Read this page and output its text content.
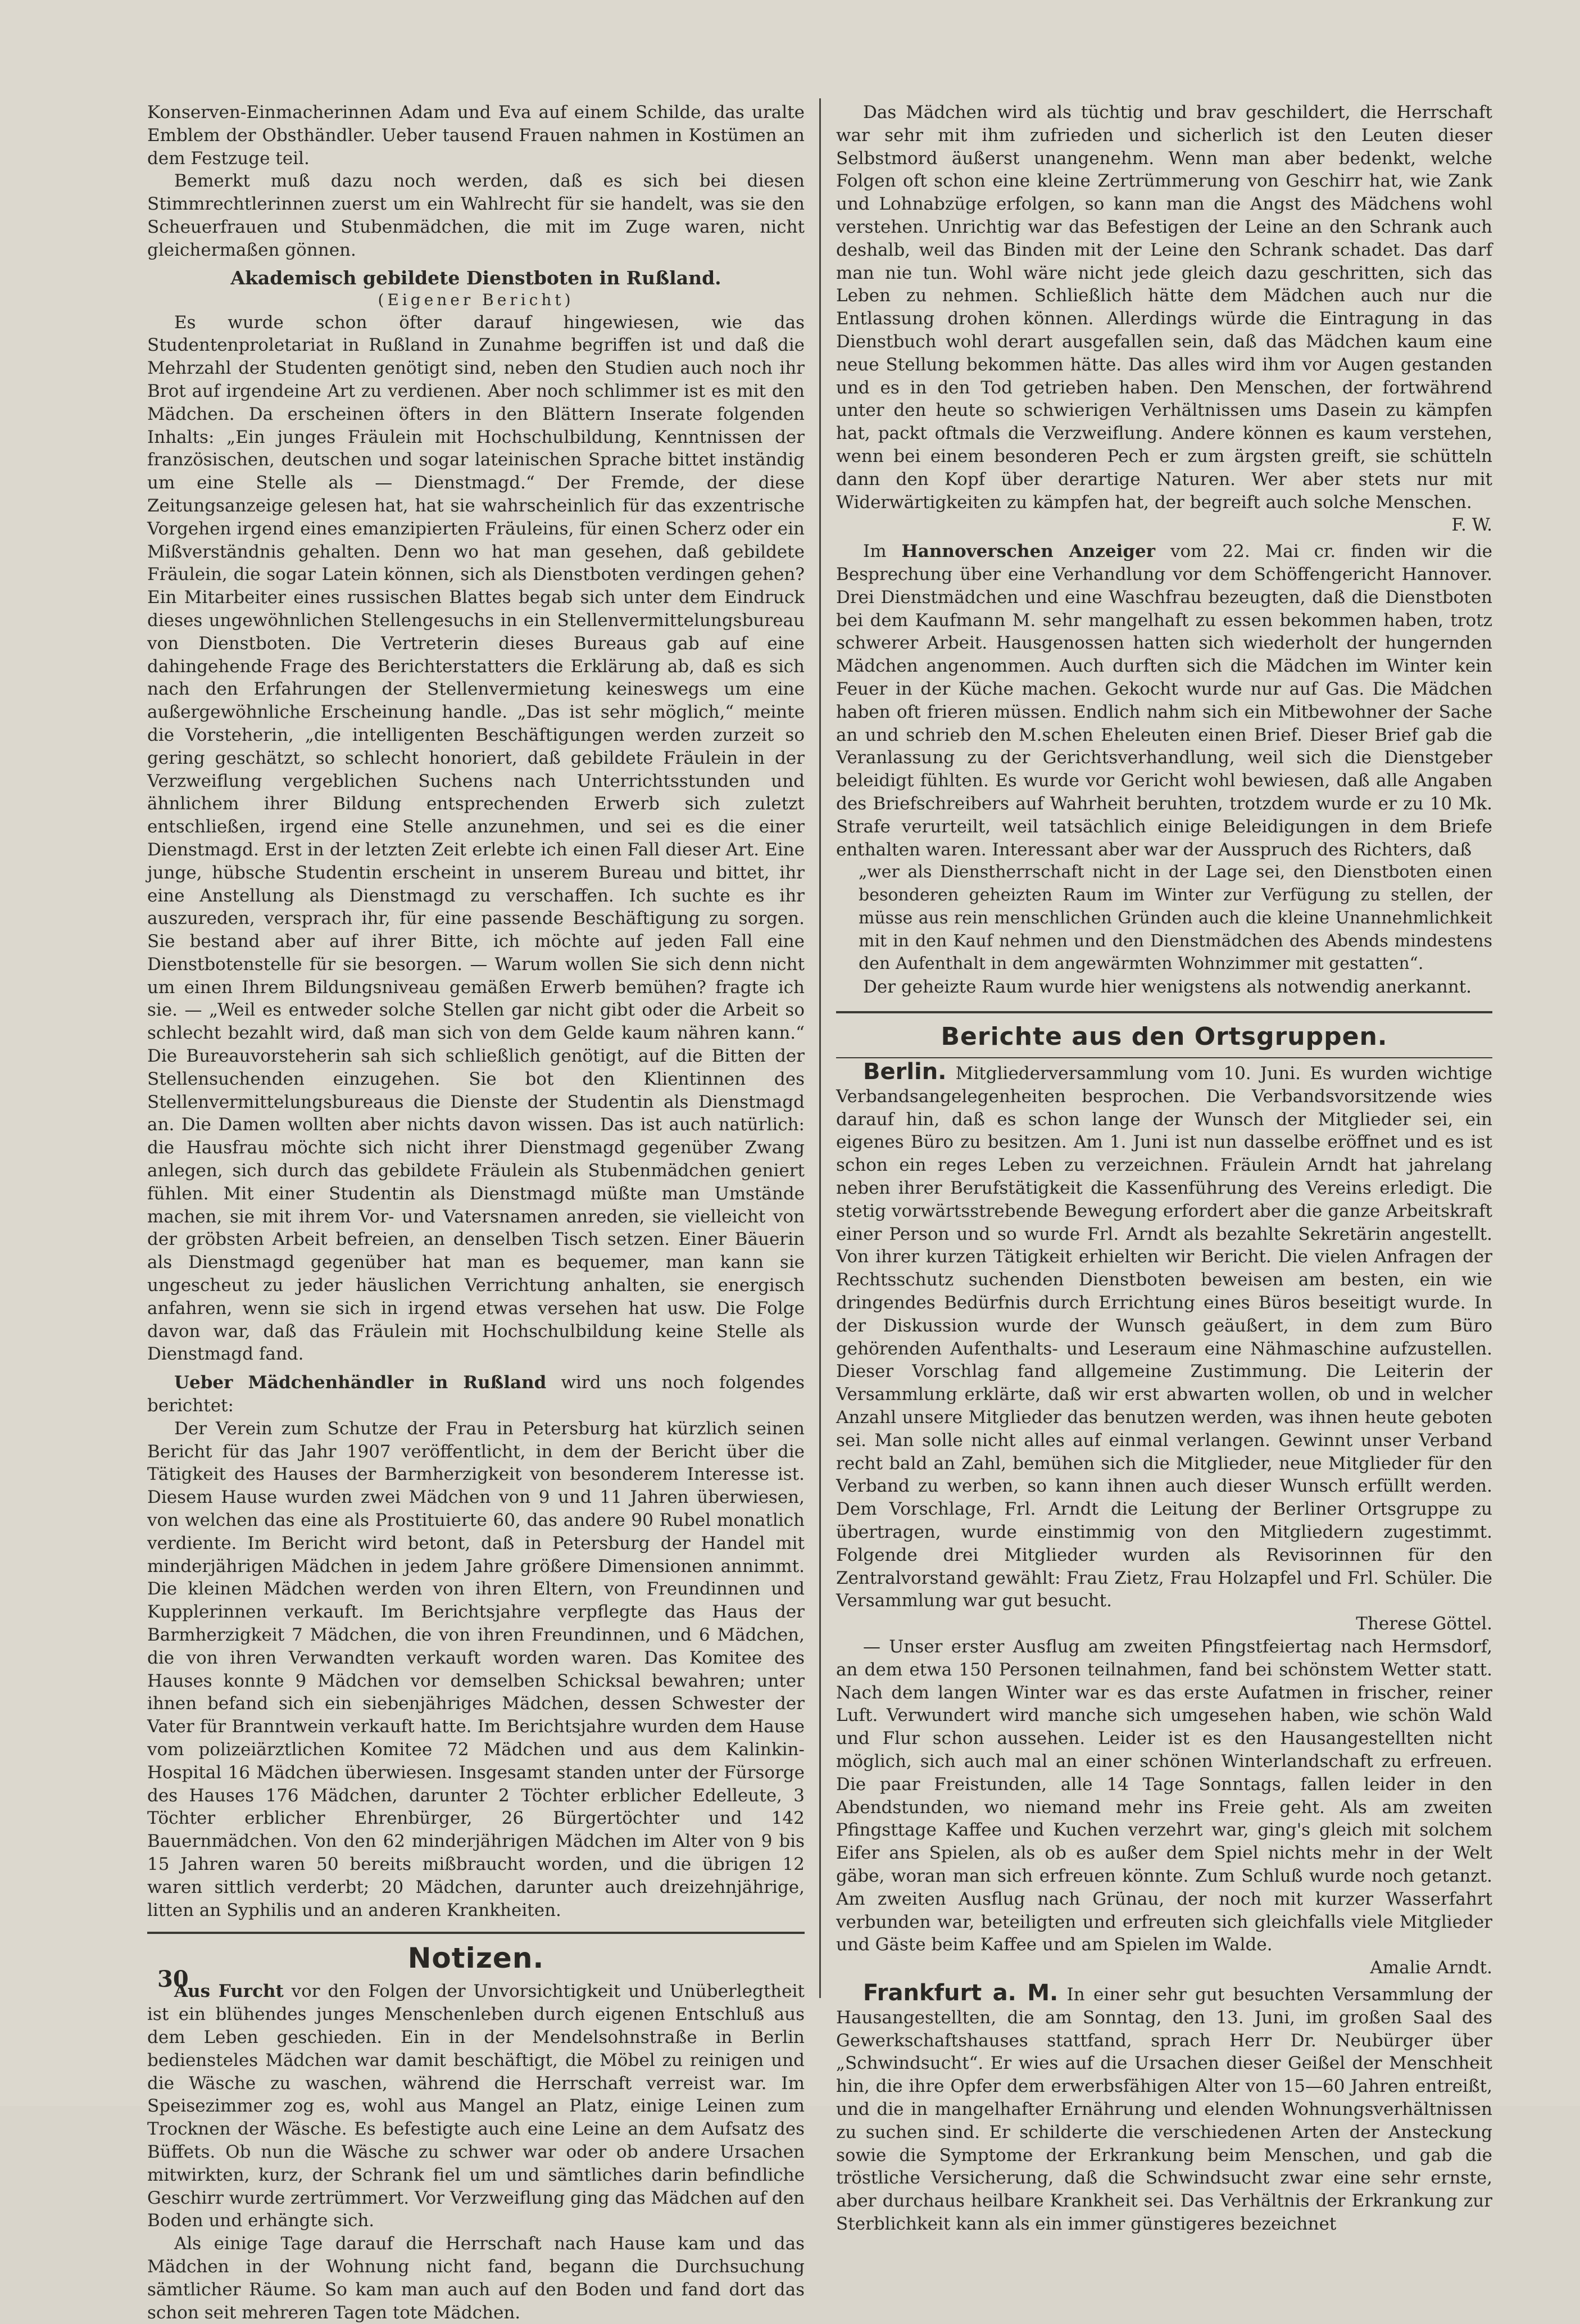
Konserven-Einmacherinnen Adam und Eva auf einem Schilde, das uralte Emblem der Obsthändler. Ueber tausend Frauen nahmen in Kostümen an dem Festzuge teil.

Bemerkt muß dazu noch werden, daß es sich bei diesen Stimmrechtlerinnen zuerst um ein Wahlrecht für sie handelt, was sie den Scheuerfrauen und Stubenmädchen, die mit im Zuge waren, nicht gleichermaßen gönnen.

Akademisch gebildete Dienstboten in Rußland.
(Eigener Bericht)

Es wurde schon öfter darauf hingewiesen, wie das Studentenproletariat in Rußland in Zunahme begriffen ist und daß die Mehrzahl der Studenten genötigt sind, neben den Studien auch noch ihr Brot auf irgendeine Art zu verdienen. Aber noch schlimmer ist es mit den Mädchen. Da erscheinen öfters in den Blättern Inserate folgenden Inhalts: „Ein junges Fräulein mit Hochschulbildung, Kenntnissen der französischen, deutschen und sogar lateinischen Sprache bittet inständig um eine Stelle als — Dienstmagd.“ Der Fremde, der diese Zeitungsanzeige gelesen hat, hat sie wahrscheinlich für das exzentrische Vorgehen irgend eines emanzipierten Fräuleins, für einen Scherz oder ein Mißverständnis gehalten. Denn wo hat man gesehen, daß gebildete Fräulein, die sogar Latein können, sich als Dienstboten verdingen gehen? Ein Mitarbeiter eines russischen Blattes begab sich unter dem Eindruck dieses ungewöhnlichen Stellengesuchs in ein Stellenvermittelungsbureau von Dienstboten. Die Vertreterin dieses Bureaus gab auf eine dahingehende Frage des Berichterstatters die Erklärung ab, daß es sich nach den Erfahrungen der Stellenvermietung keineswegs um eine außergewöhnliche Erscheinung handle. „Das ist sehr möglich,“ meinte die Vorsteherin, „die intelligenten Beschäftigungen werden zurzeit so gering geschätzt, so schlecht honoriert, daß gebildete Fräulein in der Verzweiflung vergeblichen Suchens nach Unterrichtsstunden und ähnlichem ihrer Bildung entsprechenden Erwerb sich zuletzt entschließen, irgend eine Stelle anzunehmen, und sei es die einer Dienstmagd. Erst in der letzten Zeit erlebte ich einen Fall dieser Art. Eine junge, hübsche Studentin erscheint in unserem Bureau und bittet, ihr eine Anstellung als Dienstmagd zu verschaffen. Ich suchte es ihr auszureden, versprach ihr, für eine passende Beschäftigung zu sorgen. Sie bestand aber auf ihrer Bitte, ich möchte auf jeden Fall eine Dienstbotenstelle für sie besorgen. — Warum wollen Sie sich denn nicht um einen Ihrem Bildungsniveau gemäßen Erwerb bemühen? fragte ich sie. — „Weil es entweder solche Stellen gar nicht gibt oder die Arbeit so schlecht bezahlt wird, daß man sich von dem Gelde kaum nähren kann.“ Die Bureauvorsteherin sah sich schließlich genötigt, auf die Bitten der Stellensuchenden einzugehen. Sie bot den Klientinnen des Stellenvermittelungsbureaus die Dienste der Studentin als Dienstmagd an. Die Damen wollten aber nichts davon wissen. Das ist auch natürlich: die Hausfrau möchte sich nicht ihrer Dienstmagd gegenüber Zwang anlegen, sich durch das gebildete Fräulein als Stubenmädchen geniert fühlen. Mit einer Studentin als Dienstmagd müßte man Umstände machen, sie mit ihrem Vor- und Vatersnamen anreden, sie vielleicht von der gröbsten Arbeit befreien, an denselben Tisch setzen. Einer Bäuerin als Dienstmagd gegenüber hat man es bequemer, man kann sie ungescheut zu jeder häuslichen Verrichtung anhalten, sie energisch anfahren, wenn sie sich in irgend etwas versehen hat usw. Die Folge davon war, daß das Fräulein mit Hochschulbildung keine Stelle als Dienstmagd fand.

Ueber Mädchenhändler in Rußland wird uns noch folgendes berichtet:

Der Verein zum Schutze der Frau in Petersburg hat kürzlich seinen Bericht für das Jahr 1907 veröffentlicht, in dem der Bericht über die Tätigkeit des Hauses der Barmherzigkeit von besonderem Interesse ist. Diesem Hause wurden zwei Mädchen von 9 und 11 Jahren überwiesen, von welchen das eine als Prostituierte 60, das andere 90 Rubel monatlich verdiente. Im Bericht wird betont, daß in Petersburg der Handel mit minderjährigen Mädchen in jedem Jahre größere Dimensionen annimmt. Die kleinen Mädchen werden von ihren Eltern, von Freundinnen und Kupplerinnen verkauft. Im Berichtsjahre verpflegte das Haus der Barmherzigkeit 7 Mädchen, die von ihren Freundinnen, und 6 Mädchen, die von ihren Verwandten verkauft worden waren. Das Komitee des Hauses konnte 9 Mädchen vor demselben Schicksal bewahren; unter ihnen befand sich ein siebenjähriges Mädchen, dessen Schwester der Vater für Branntwein verkauft hatte. Im Berichtsjahre wurden dem Hause vom polizeiärztlichen Komitee 72 Mädchen und aus dem Kalinkin-Hospital 16 Mädchen überwiesen. Insgesamt standen unter der Fürsorge des Hauses 176 Mädchen, darunter 2 Töchter erblicher Edelleute, 3 Töchter erblicher Ehrenbürger, 26 Bürgertöchter und 142 Bauernmädchen. Von den 62 minderjährigen Mädchen im Alter von 9 bis 15 Jahren waren 50 bereits mißbraucht worden, und die übrigen 12 waren sittlich verderbt; 20 Mädchen, darunter auch dreizehnjährige, litten an Syphilis und an anderen Krankheiten.

Notizen.

Aus Furcht vor den Folgen der Unvorsichtigkeit und Unüberlegtheit ist ein blühendes junges Menschenleben durch eigenen Entschluß aus dem Leben geschieden. Ein in der Mendelsohnstraße in Berlin bediensteles Mädchen war damit beschäftigt, die Möbel zu reinigen und die Wäsche zu waschen, während die Herrschaft verreist war. Im Speisezimmer zog es, wohl aus Mangel an Platz, einige Leinen zum Trocknen der Wäsche. Es befestigte auch eine Leine an dem Aufsatz des Büffets. Ob nun die Wäsche zu schwer war oder ob andere Ursachen mitwirkten, kurz, der Schrank fiel um und sämtliches darin befindliche Geschirr wurde zertrümmert. Vor Verzweiflung ging das Mädchen auf den Boden und erhängte sich.

Als einige Tage darauf die Herrschaft nach Hause kam und das Mädchen in der Wohnung nicht fand, begann die Durchsuchung sämtlicher Räume. So kam man auch auf den Boden und fand dort das schon seit mehreren Tagen tote Mädchen.

Das Mädchen wird als tüchtig und brav geschildert, die Herrschaft war sehr mit ihm zufrieden und sicherlich ist den Leuten dieser Selbstmord äußerst unangenehm. Wenn man aber bedenkt, welche Folgen oft schon eine kleine Zertrümmerung von Geschirr hat, wie Zank und Lohnabzüge erfolgen, so kann man die Angst des Mädchens wohl verstehen. Unrichtig war das Befestigen der Leine an den Schrank auch deshalb, weil das Binden mit der Leine den Schrank schadet. Das darf man nie tun. Wohl wäre nicht jede gleich dazu geschritten, sich das Leben zu nehmen. Schließlich hätte dem Mädchen auch nur die Entlassung drohen können. Allerdings würde die Eintragung in das Dienstbuch wohl derart ausgefallen sein, daß das Mädchen kaum eine neue Stellung bekommen hätte. Das alles wird ihm vor Augen gestanden und es in den Tod getrieben haben. Den Menschen, der fortwährend unter den heute so schwierigen Verhältnissen ums Dasein zu kämpfen hat, packt oftmals die Verzweiflung. Andere können es kaum verstehen, wenn bei einem besonderen Pech er zum ärgsten greift, sie schütteln dann den Kopf über derartige Naturen. Wer aber stets nur mit Widerwärtigkeiten zu kämpfen hat, der begreift auch solche Menschen.

F. W.

Im Hannoverschen Anzeiger vom 22. Mai cr. finden wir die Besprechung über eine Verhandlung vor dem Schöffengericht Hannover. Drei Dienstmädchen und eine Waschfrau bezeugten, daß die Dienstboten bei dem Kaufmann M. sehr mangelhaft zu essen bekommen haben, trotz schwerer Arbeit. Hausgenossen hatten sich wiederholt der hungernden Mädchen angenommen. Auch durften sich die Mädchen im Winter kein Feuer in der Küche machen. Gekocht wurde nur auf Gas. Die Mädchen haben oft frieren müssen. Endlich nahm sich ein Mitbewohner der Sache an und schrieb den M.schen Eheleuten einen Brief. Dieser Brief gab die Veranlassung zu der Gerichtsverhandlung, weil sich die Dienstgeber beleidigt fühlten. Es wurde vor Gericht wohl bewiesen, daß alle Angaben des Briefschreibers auf Wahrheit beruhten, trotzdem wurde er zu 10 Mk. Strafe verurteilt, weil tatsächlich einige Beleidigungen in dem Briefe enthalten waren. Interessant aber war der Ausspruch des Richters, daß

„wer als Dienstherrschaft nicht in der Lage sei, den Dienstboten einen besonderen geheizten Raum im Winter zur Verfügung zu stellen, der müsse aus rein menschlichen Gründen auch die kleine Unannehmlichkeit mit in den Kauf nehmen und den Dienstmädchen des Abends mindestens den Aufenthalt in dem angewärmten Wohnzimmer mit gestatten“.

Der geheizte Raum wurde hier wenigstens als notwendig anerkannt.

Berichte aus den Ortsgruppen.

Berlin. Mitgliederversammlung vom 10. Juni. Es wurden wichtige Verbandsangelegenheiten besprochen. Die Verbandsvorsitzende wies darauf hin, daß es schon lange der Wunsch der Mitglieder sei, ein eigenes Büro zu besitzen. Am 1. Juni ist nun dasselbe eröffnet und es ist schon ein reges Leben zu verzeichnen. Fräulein Arndt hat jahrelang neben ihrer Berufstätigkeit die Kassenführung des Vereins erledigt. Die stetig vorwärtsstrebende Bewegung erfordert aber die ganze Arbeitskraft einer Person und so wurde Frl. Arndt als bezahlte Sekretärin angestellt. Von ihrer kurzen Tätigkeit erhielten wir Bericht. Die vielen Anfragen der Rechtsschutz suchenden Dienstboten beweisen am besten, ein wie dringendes Bedürfnis durch Errichtung eines Büros beseitigt wurde. In der Diskussion wurde der Wunsch geäußert, in dem zum Büro gehörenden Aufenthalts- und Leseraum eine Nähmaschine aufzustellen. Dieser Vorschlag fand allgemeine Zustimmung. Die Leiterin der Versammlung erklärte, daß wir erst abwarten wollen, ob und in welcher Anzahl unsere Mitglieder das benutzen werden, was ihnen heute geboten sei. Man solle nicht alles auf einmal verlangen. Gewinnt unser Verband recht bald an Zahl, bemühen sich die Mitglieder, neue Mitglieder für den Verband zu werben, so kann ihnen auch dieser Wunsch erfüllt werden. Dem Vorschlage, Frl. Arndt die Leitung der Berliner Ortsgruppe zu übertragen, wurde einstimmig von den Mitgliedern zugestimmt. Folgende drei Mitglieder wurden als Revisorinnen für den Zentralvorstand gewählt: Frau Zietz, Frau Holzapfel und Frl. Schüler. Die Versammlung war gut besucht.

Therese Göttel.

— Unser erster Ausflug am zweiten Pfingstfeiertag nach Hermsdorf, an dem etwa 150 Personen teilnahmen, fand bei schönstem Wetter statt. Nach dem langen Winter war es das erste Aufatmen in frischer, reiner Luft. Verwundert wird manche sich umgesehen haben, wie schön Wald und Flur schon aussehen. Leider ist es den Hausangestellten nicht möglich, sich auch mal an einer schönen Winterlandschaft zu erfreuen. Die paar Freistunden, alle 14 Tage Sonntags, fallen leider in den Abendstunden, wo niemand mehr ins Freie geht. Als am zweiten Pfingsttage Kaffee und Kuchen verzehrt war, ging's gleich mit solchem Eifer ans Spielen, als ob es außer dem Spiel nichts mehr in der Welt gäbe, woran man sich erfreuen könnte. Zum Schluß wurde noch getanzt. Am zweiten Ausflug nach Grünau, der noch mit kurzer Wasserfahrt verbunden war, beteiligten und erfreuten sich gleichfalls viele Mitglieder und Gäste beim Kaffee und am Spielen im Walde.

Amalie Arndt.

Frankfurt a. M. In einer sehr gut besuchten Versammlung der Hausangestellten, die am Sonntag, den 13. Juni, im großen Saal des Gewerkschaftshauses stattfand, sprach Herr Dr. Neubürger über „Schwindsucht“. Er wies auf die Ursachen dieser Geißel der Menschheit hin, die ihre Opfer dem erwerbsfähigen Alter von 15—60 Jahren entreißt, und die in mangelhafter Ernährung und elenden Wohnungsverhältnissen zu suchen sind. Er schilderte die verschiedenen Arten der Ansteckung sowie die Symptome der Erkrankung beim Menschen, und gab die tröstliche Versicherung, daß die Schwindsucht zwar eine sehr ernste, aber durchaus heilbare Krankheit sei. Das Verhältnis der Erkrankung zur Sterblichkeit kann als ein immer günstigeres bezeichnet

30
